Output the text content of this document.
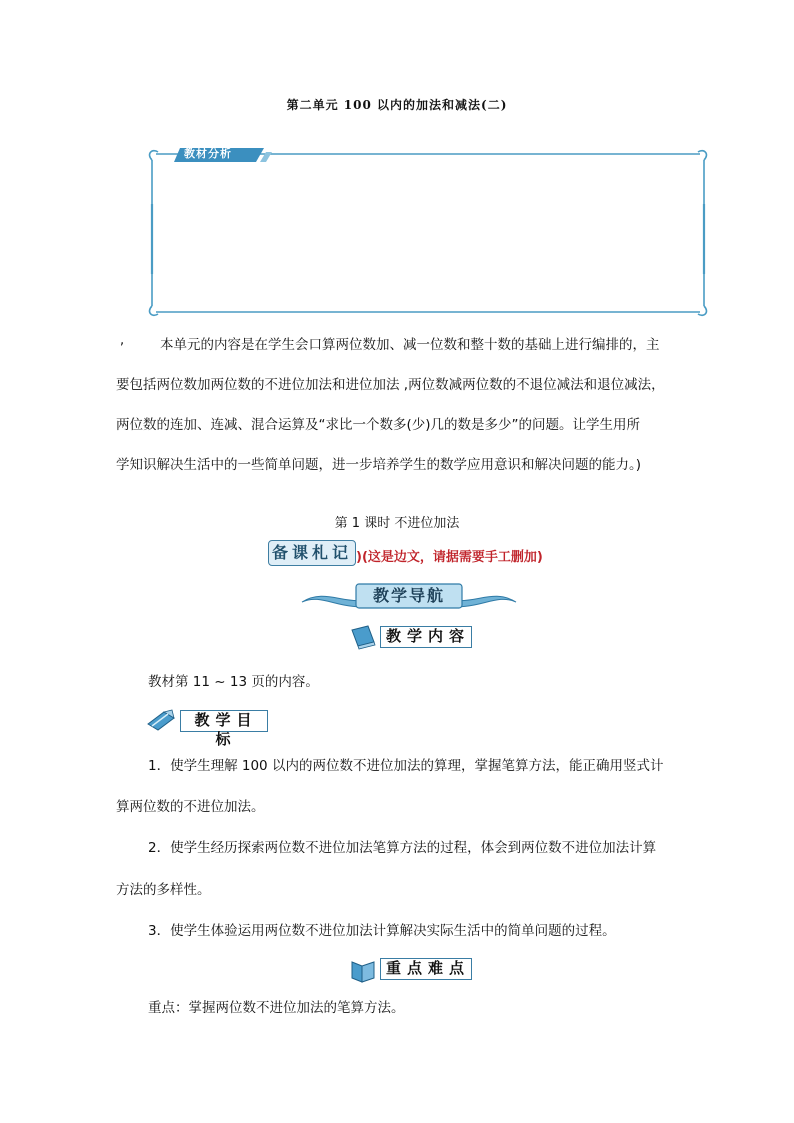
第二单元 100 以内的加法和减法(二)
教材分析
,	本单元的内容是在学生会口算两位数加、减一位数和整十数的基础上进行编排的，主

要包括两位数加两位数的不进位加法和进位加法 ,两位数减两位数的不退位减法和退位减法，

两位数的连加、连减、混合运算及“求比一个数多(少)几的数是多少”的问题。让学生用所

学知识解决生活中的一些简单问题，进一步培养学生的数学应用意识和解决问题的能力。)

第 1 课时 不进位加法
备课札记 )(这是边文，请据需要手工删加)
教学导航
教学内容
教材第 11 ~ 13 页的内容。
教学目标
1．使学生理解 100 以内的两位数不进位加法的算理，掌握笔算方法，能正确用竖式计
算两位数的不进位加法。
2．使学生经历探索两位数不进位加法笔算方法的过程，体会到两位数不进位加法计算
方法的多样性。
3．使学生体验运用两位数不进位加法计算解决实际生活中的简单问题的过程。
重点难点
重点：掌握两位数不进位加法的笔算方法。
